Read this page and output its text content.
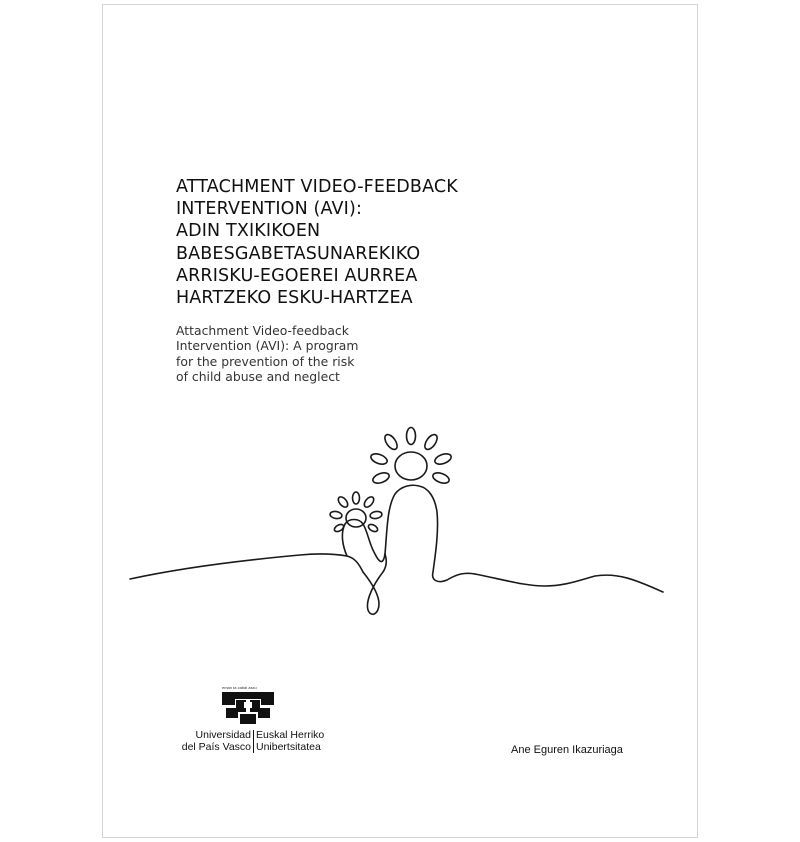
ATTACHMENT VIDEO-FEEDBACK
INTERVENTION (AVI):
ADIN TXIKIKOEN
BABESGABETASUNAREKIKO
ARRISKU-EGOEREI AURREA
HARTZEKO ESKU-HARTZEA
Attachment Video-feedback
Intervention (AVI): A program
for the prevention of the risk
of child abuse and neglect
eman ta zabal zazu
Universidad
del País Vasco
Euskal Herriko
Unibertsitatea	Ane Eguren Ikazuriaga
